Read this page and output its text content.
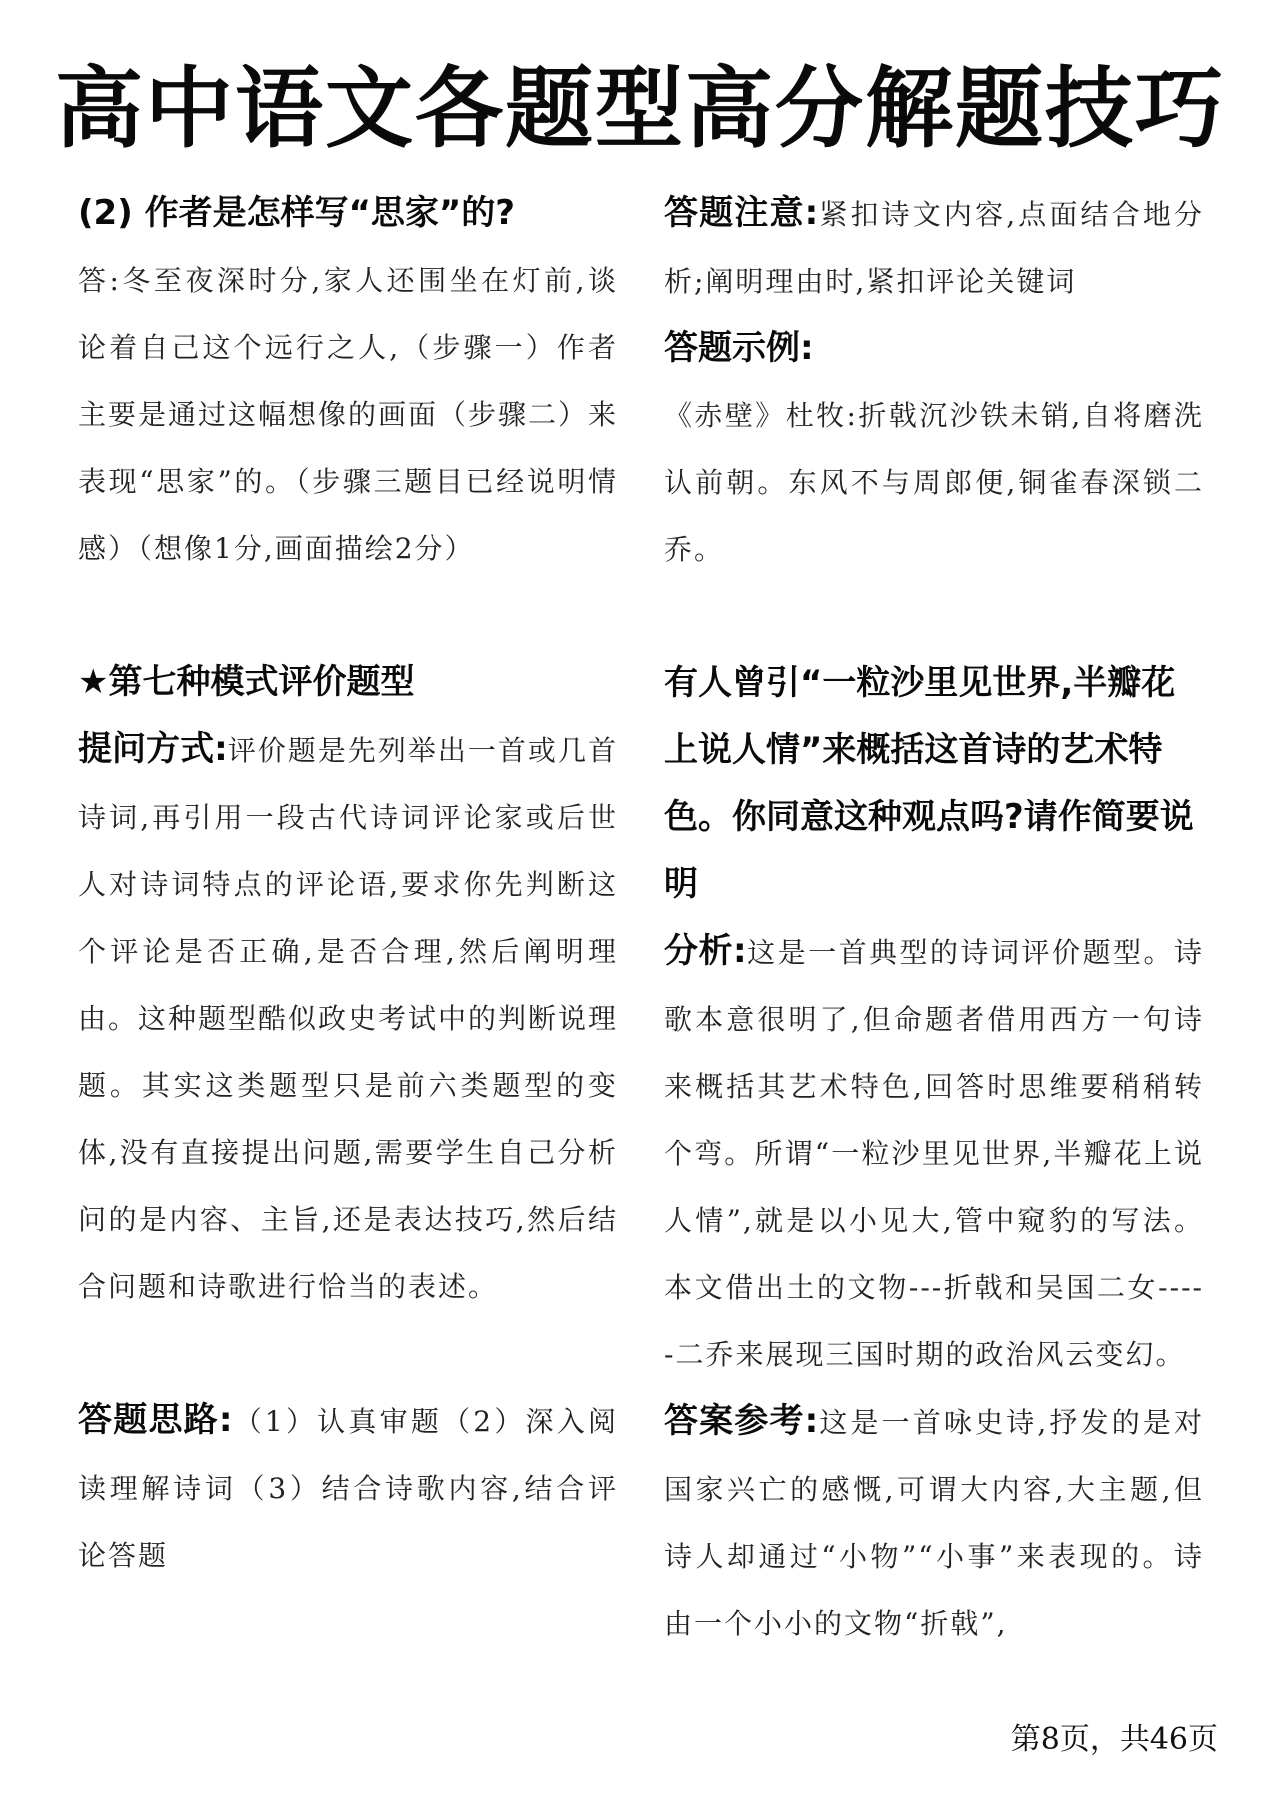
高中语文各题型高分解题技巧

(2) 作者是怎样写“思家”的?

答:冬至夜深时分,家人还围坐在灯前,谈论着自己这个远行之人,（步骤一）作者主要是通过这幅想像的画面（步骤二）来表现“思家”的。（步骤三题目已经说明情感）（想像1分,画面描绘2分）

★第七种模式评价题型

提问方式:评价题是先列举出一首或几首诗词,再引用一段古代诗词评论家或后世人对诗词特点的评论语,要求你先判断这个评论是否正确,是否合理,然后阐明理由。这种题型酷似政史考试中的判断说理题。其实这类题型只是前六类题型的变体,没有直接提出问题,需要学生自己分析问的是内容、主旨,还是表达技巧,然后结合问题和诗歌进行恰当的表述。

答题思路:（1）认真审题（2）深入阅读理解诗词（3）结合诗歌内容,结合评论答题

答题注意:紧扣诗文内容,点面结合地分析;阐明理由时,紧扣评论关键词

答题示例:

《赤壁》杜牧:折戟沉沙铁未销,自将磨洗认前朝。东风不与周郎便,铜雀春深锁二乔。

有人曾引“一粒沙里见世界,半瓣花上说人情”来概括这首诗的艺术特色。你同意这种观点吗?请作简要说明

分析:这是一首典型的诗词评价题型。诗歌本意很明了,但命题者借用西方一句诗来概括其艺术特色,回答时思维要稍稍转个弯。所谓“一粒沙里见世界,半瓣花上说人情”,就是以小见大,管中窥豹的写法。本文借出土的文物---折戟和吴国二女-----二乔来展现三国时期的政治风云变幻。

答案参考:这是一首咏史诗,抒发的是对国家兴亡的感慨,可谓大内容,大主题,但诗人却通过“小物”“小事”来表现的。诗由一个小小的文物“折戟”,

第8页，共46页
